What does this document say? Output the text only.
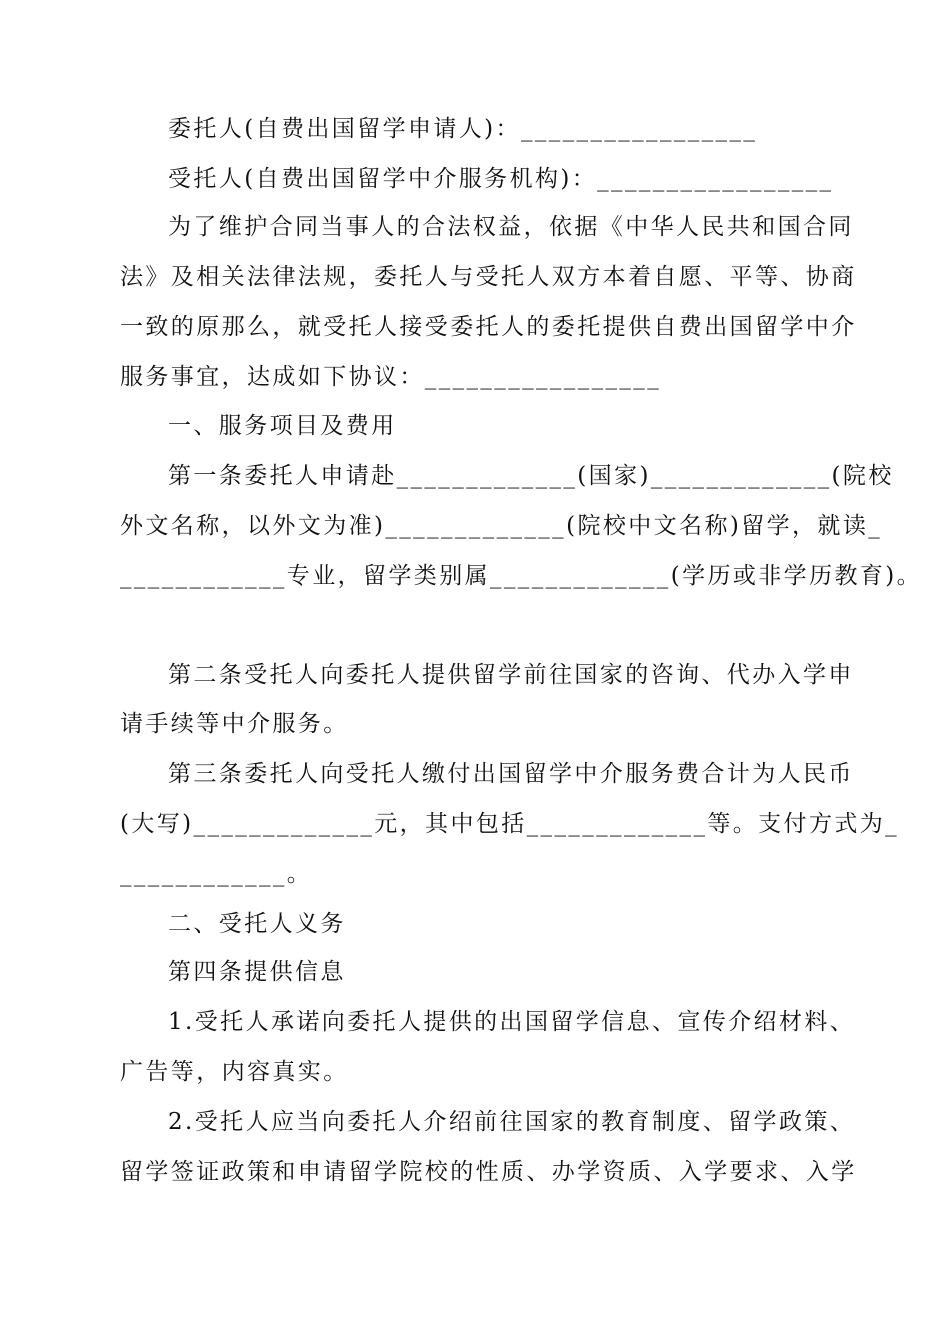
委托人(自费出国留学申请人)：_________________
受托人(自费出国留学中介服务机构)：_________________
为了维护合同当事人的合法权益，依据《中华人民共和国合同
法》及相关法律法规，委托人与受托人双方本着自愿、平等、协商
一致的原那么，就受托人接受委托人的委托提供自费出国留学中介
服务事宜，达成如下协议：_________________
一、服务项目及费用
第一条委托人申请赴_____________(国家)_____________(院校
外文名称，以外文为准)_____________(院校中文名称)留学，就读_
____________专业，留学类别属_____________(学历或非学历教育)。
第二条受托人向委托人提供留学前往国家的咨询、代办入学申
请手续等中介服务。
第三条委托人向受托人缴付出国留学中介服务费合计为人民币
(大写)_____________元，其中包括_____________等。支付方式为_
____________。
二、受托人义务
第四条提供信息
1.受托人承诺向委托人提供的出国留学信息、宣传介绍材料、
广告等，内容真实。
2.受托人应当向委托人介绍前往国家的教育制度、留学政策、
留学签证政策和申请留学院校的性质、办学资质、入学要求、入学
